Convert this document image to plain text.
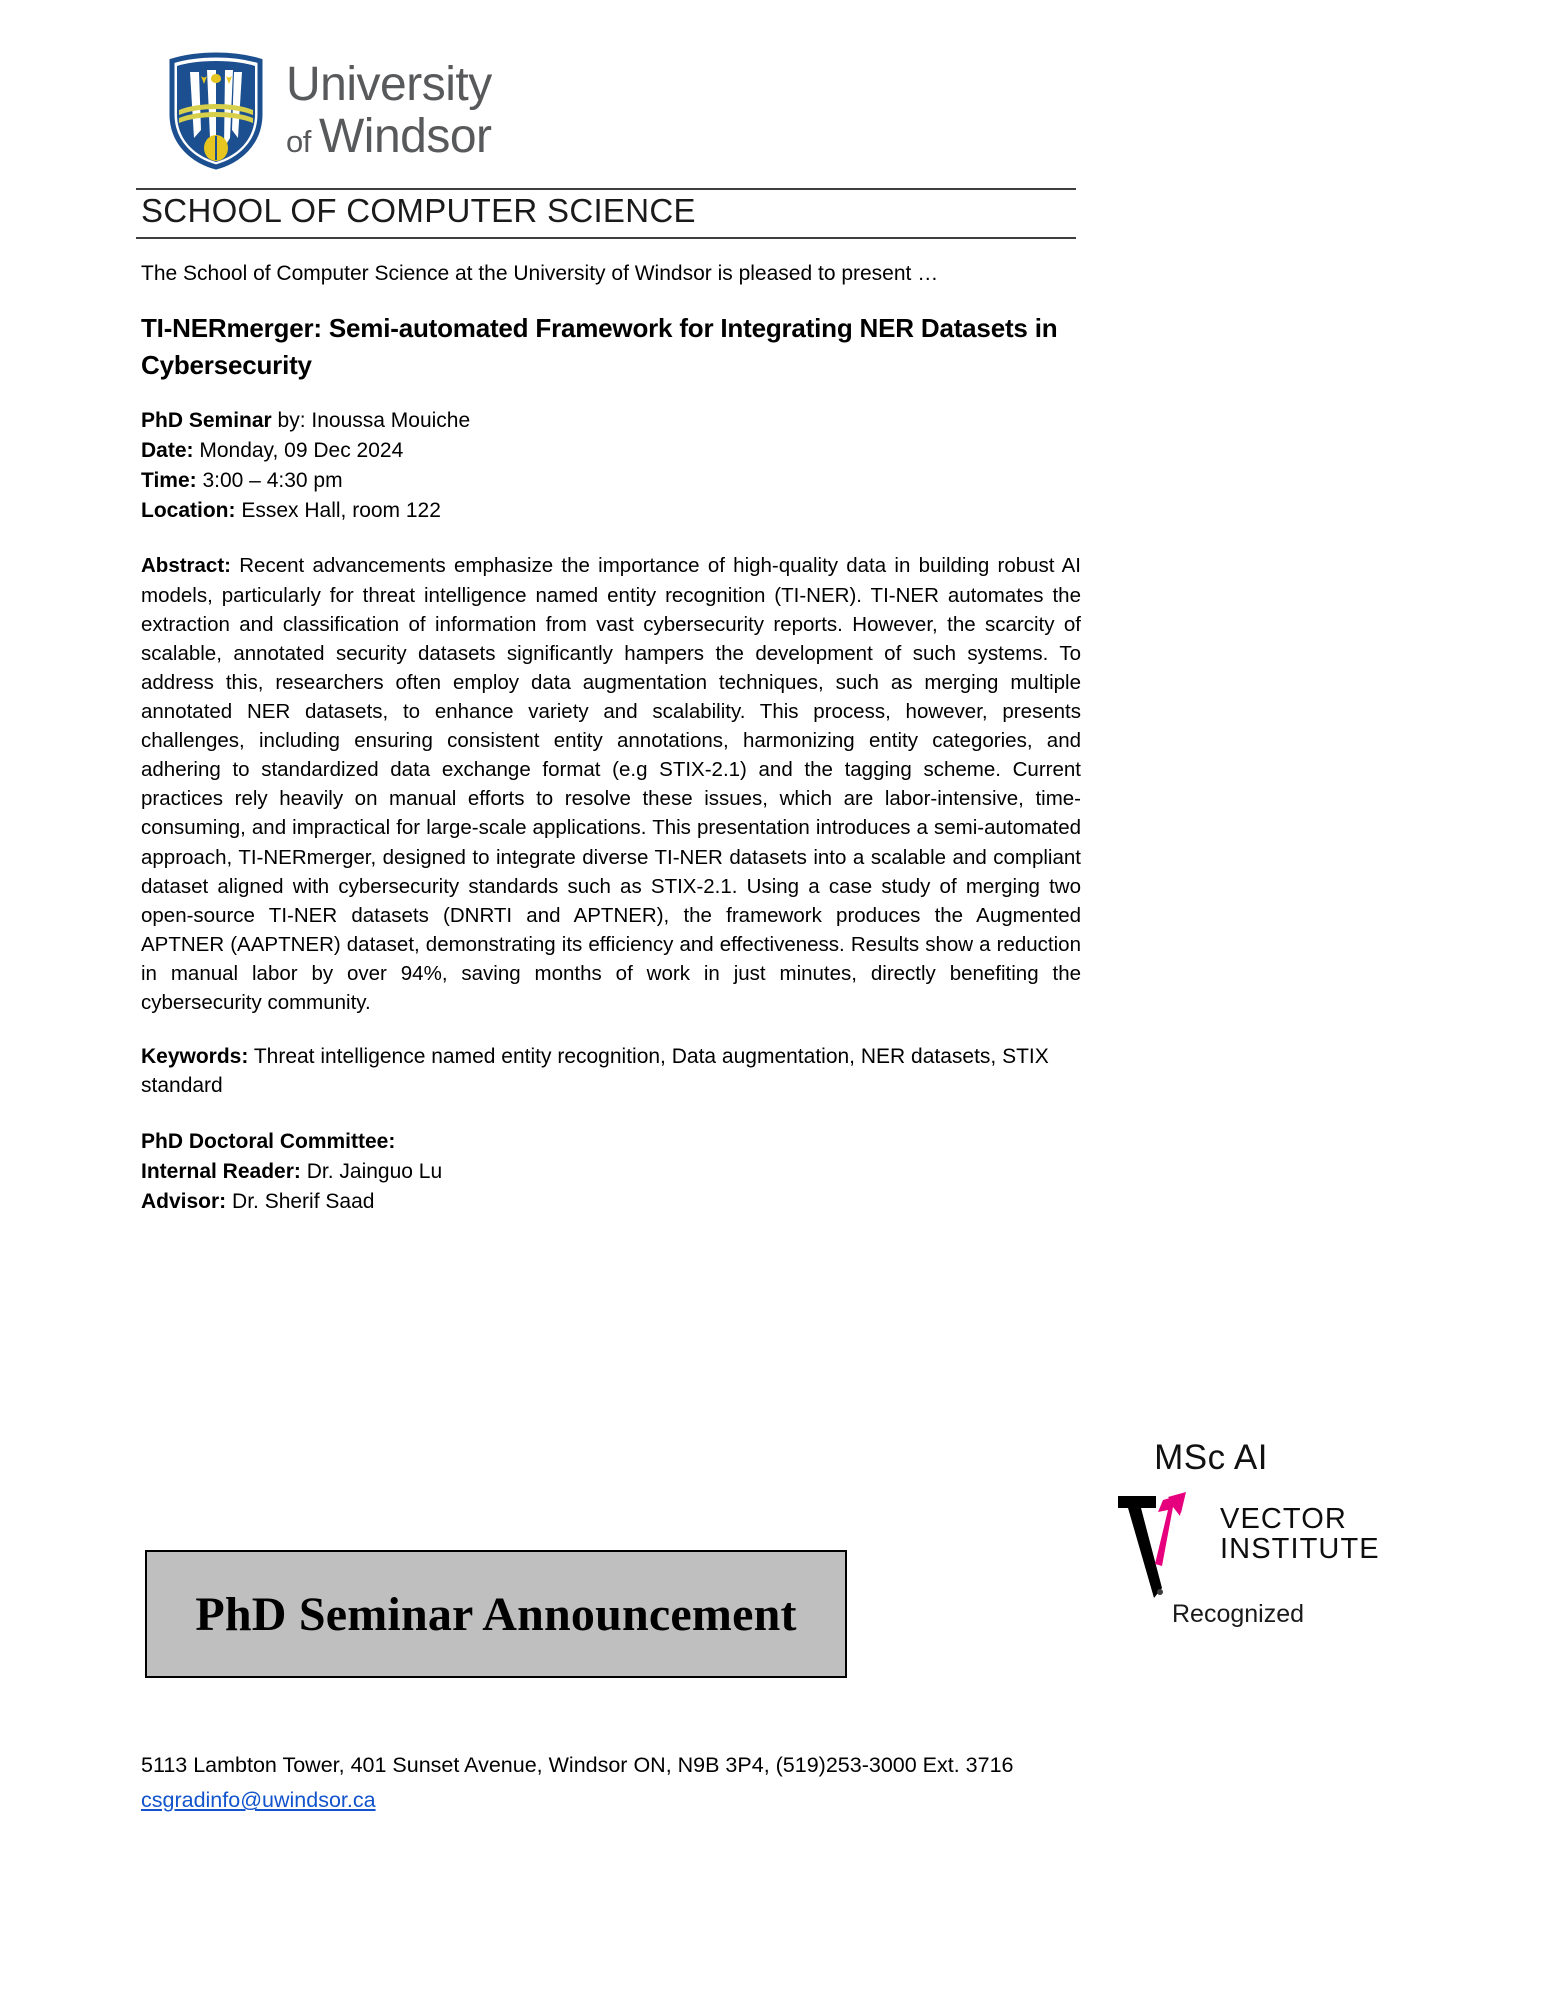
University
of Windsor
SCHOOL OF COMPUTER SCIENCE
The School of Computer Science at the University of Windsor is pleased to present …
TI-NERmerger: Semi-automated Framework for Integrating NER Datasets in Cybersecurity
PhD Seminar by: Inoussa Mouiche
Date: Monday, 09 Dec 2024
Time: 3:00 – 4:30 pm
Location: Essex Hall, room 122
Abstract: Recent advancements emphasize the importance of high-quality data in building robust AI models, particularly for threat intelligence named entity recognition (TI-NER). TI-NER automates the extraction and classification of information from vast cybersecurity reports. However, the scarcity of scalable, annotated security datasets significantly hampers the development of such systems. To address this, researchers often employ data augmentation techniques, such as merging multiple annotated NER datasets, to enhance variety and scalability. This process, however, presents challenges, including ensuring consistent entity annotations, harmonizing entity categories, and adhering to standardized data exchange format (e.g STIX-2.1) and the tagging scheme. Current practices rely heavily on manual efforts to resolve these issues, which are labor-intensive, time-consuming, and impractical for large-scale applications. This presentation introduces a semi-automated approach, TI-NERmerger, designed to integrate diverse TI-NER datasets into a scalable and compliant dataset aligned with cybersecurity standards such as STIX-2.1. Using a case study of merging two open-source TI-NER datasets (DNRTI and APTNER), the framework produces the Augmented APTNER (AAPTNER) dataset, demonstrating its efficiency and effectiveness. Results show a reduction in manual labor by over 94%, saving months of work in just minutes, directly benefiting the cybersecurity community.
Keywords: Threat intelligence named entity recognition, Data augmentation, NER datasets, STIX standard
PhD Doctoral Committee:
Internal Reader: Dr. Jainguo Lu
Advisor: Dr. Sherif Saad
PhD Seminar Announcement
MSc AI
VECTOR
INSTITUTE
Recognized
5113 Lambton Tower, 401 Sunset Avenue, Windsor ON, N9B 3P4, (519)253-3000 Ext. 3716
csgradinfo@uwindsor.ca
